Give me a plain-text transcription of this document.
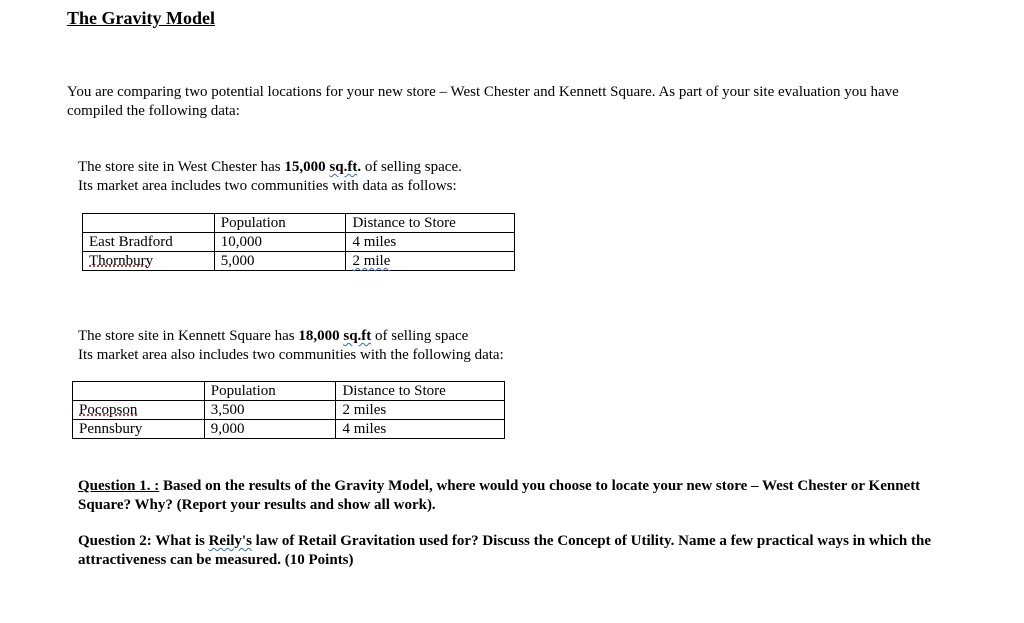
The Gravity Model
You are comparing two potential locations for your new store – West Chester and Kennett Square. As part of your site evaluation you have compiled the following data:
The store site in West Chester has 15,000 sq.ft. of selling space.
Its market area includes two communities with data as follows:
	Population	Distance to Store
East Bradford	10,000	4 miles
Thornbury	5,000	2 mile
The store site in Kennett Square has 18,000 sq.ft of selling space
Its market area also includes two communities with the following data:
	Population	Distance to Store
Pocopson	3,500	2 miles
Pennsbury	9,000	4 miles
Question 1. : Based on the results of the Gravity Model, where would you choose to locate your new store – West Chester or Kennett Square? Why? (Report your results and show all work).
Question 2: What is Reily's law of Retail Gravitation used for? Discuss the Concept of Utility. Name a few practical ways in which the attractiveness can be measured. (10 Points)
